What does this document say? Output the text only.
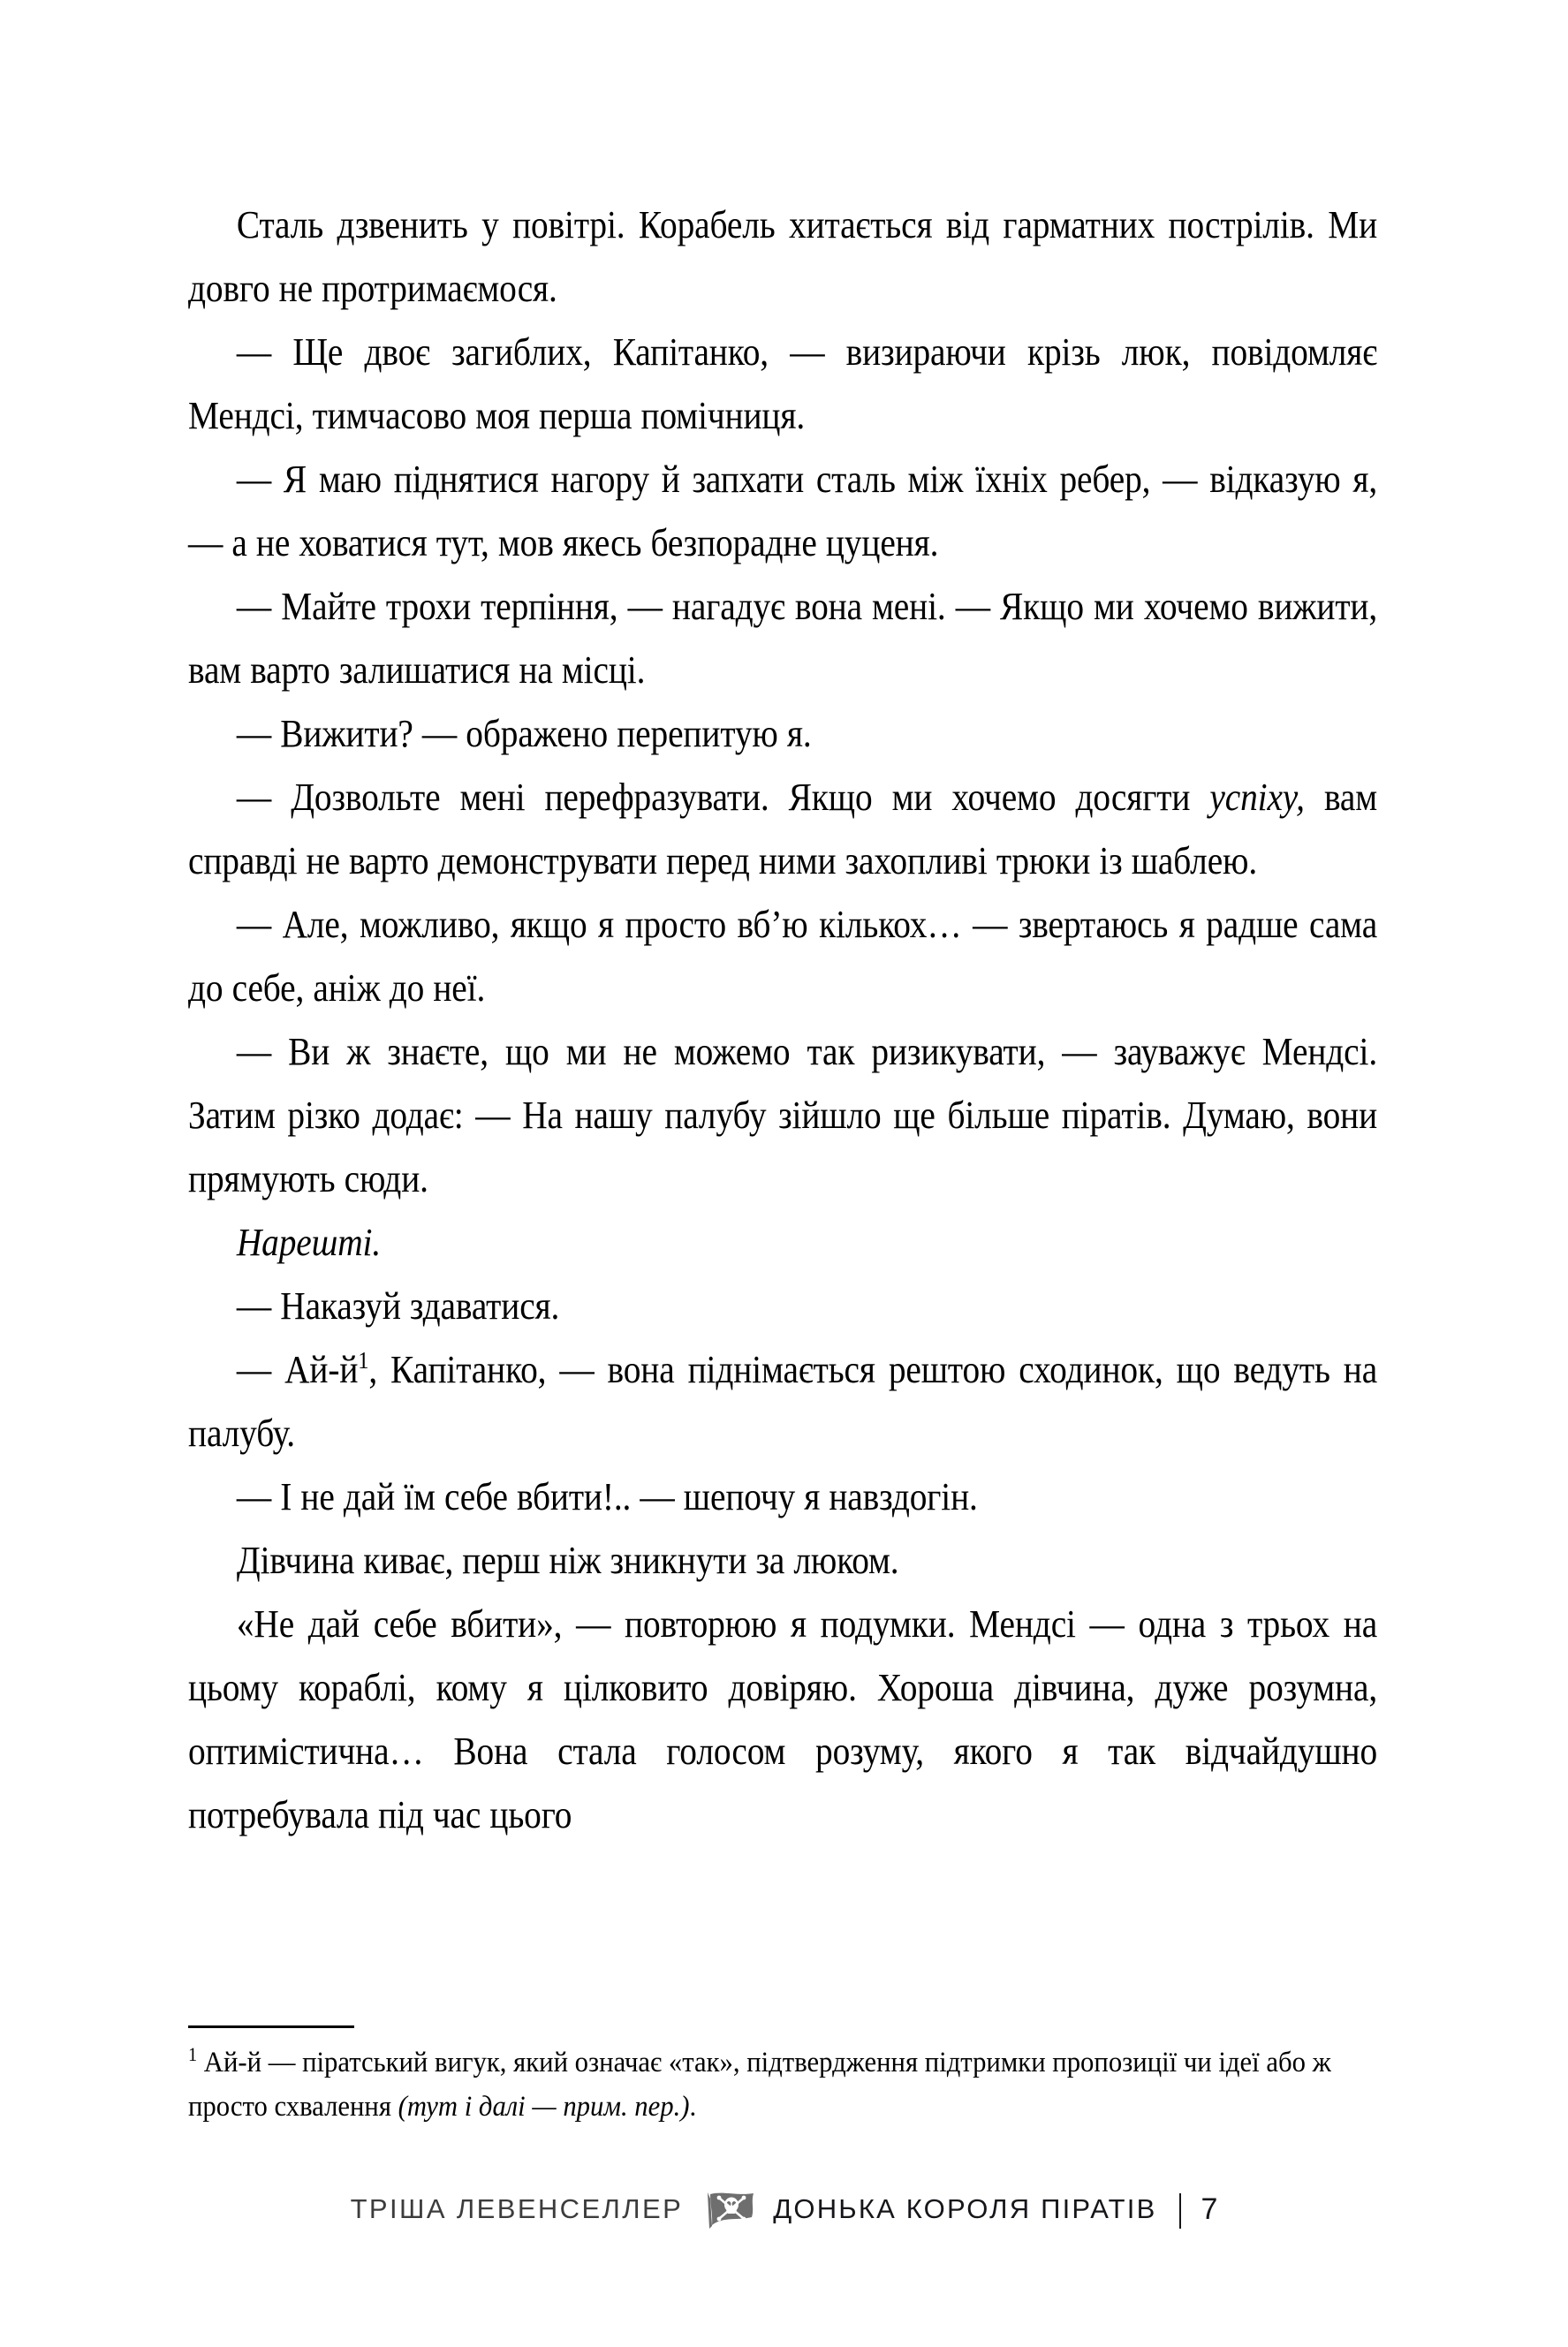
Сталь дзвенить у повітрі. Корабель хитається від гарматних пострілів. Ми довго не протримаємося.

— Ще двоє загиблих, Капітанко, — визираючи крізь люк, повідомляє Мендсі, тимчасово моя перша помічниця.

— Я маю піднятися нагору й запхати сталь між їхніх ребер, — відказую я, — а не ховатися тут, мов якесь безпорадне цуценя.

— Майте трохи терпіння, — нагадує вона мені. — Якщо ми хочемо вижити, вам варто залишатися на місці.

— Вижити? — ображено перепитую я.

— Дозвольте мені перефразувати. Якщо ми хочемо досягти успіху, вам справді не варто демонструвати перед ними захопливі трюки із шаблею.

— Але, можливо, якщо я просто вб’ю кількох… — звертаюсь я радше сама до себе, аніж до неї.

— Ви ж знаєте, що ми не можемо так ризикувати, — зауважує Мендсі. Затим різко додає: — На нашу палубу зійшло ще більше піратів. Думаю, вони прямують сюди.

Нарешті.

— Наказуй здаватися.

— Ай-й$^1$, Капітанко, — вона піднімається рештою сходинок, що ведуть на палубу.

— І не дай їм себе вбити!.. — шепочу я навздогін.

Дівчина киває, перш ніж зникнути за люком.

«Не дай себе вбити», — повторюю я подумки. Мендсі — одна з трьох на цьому кораблі, кому я цілковито довіряю. Хороша дівчина, дуже розумна, оптимістична… Вона стала голосом розуму, якого я так відчайдушно потребувала під час цього

$^1$ Ай-й — піратський вигук, який означає «так», підтвердження підтримки пропозиції чи ідеї або ж просто схвалення (тут і далі — прим. пер.).

ТРІША ЛЕВЕНСЕЛЛЕР	ДОНЬКА КОРОЛЯ ПІРАТІВ 7
